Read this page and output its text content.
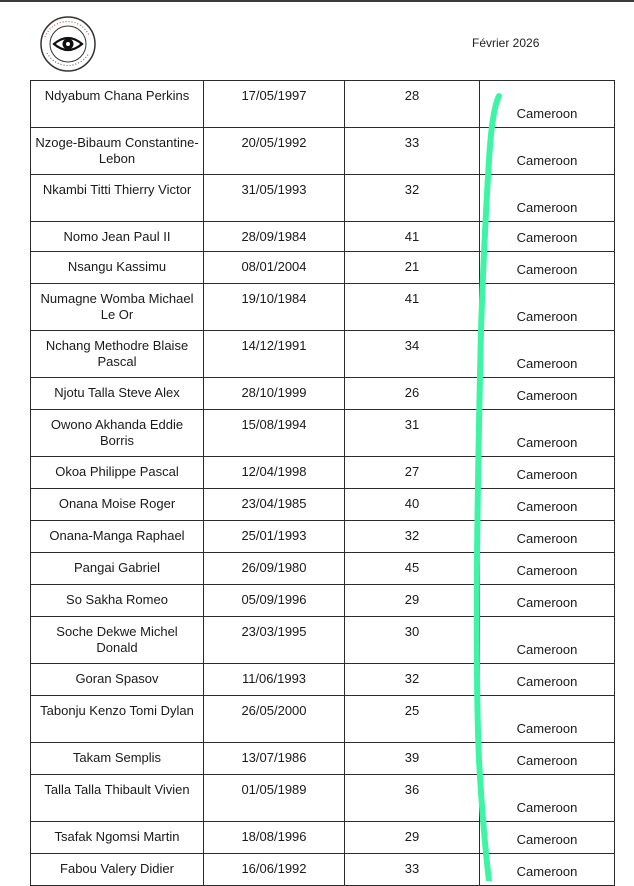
Février 2026
Ndyabum Chana Perkins	17/05/1997	28	Cameroon
Nzoge-Bibaum Constantine-Lebon	20/05/1992	33	Cameroon
Nkambi Titti Thierry Victor	31/05/1993	32	Cameroon
Nomo Jean Paul II	28/09/1984	41	Cameroon
Nsangu Kassimu	08/01/2004	21	Cameroon
Numagne Womba Michael Le Or	19/10/1984	41	Cameroon
Nchang Methodre Blaise Pascal	14/12/1991	34	Cameroon
Njotu Talla Steve Alex	28/10/1999	26	Cameroon
Owono Akhanda Eddie Borris	15/08/1994	31	Cameroon
Okoa Philippe Pascal	12/04/1998	27	Cameroon
Onana Moise Roger	23/04/1985	40	Cameroon
Onana-Manga Raphael	25/01/1993	32	Cameroon
Pangai Gabriel	26/09/1980	45	Cameroon
So Sakha Romeo	05/09/1996	29	Cameroon
Soche Dekwe Michel Donald	23/03/1995	30	Cameroon
Goran Spasov	11/06/1993	32	Cameroon
Tabonju Kenzo Tomi Dylan	26/05/2000	25	Cameroon
Takam Semplis	13/07/1986	39	Cameroon
Talla Talla Thibault Vivien	01/05/1989	36	Cameroon
Tsafak Ngomsi Martin	18/08/1996	29	Cameroon
Fabou Valery Didier	16/06/1992	33	Cameroon
